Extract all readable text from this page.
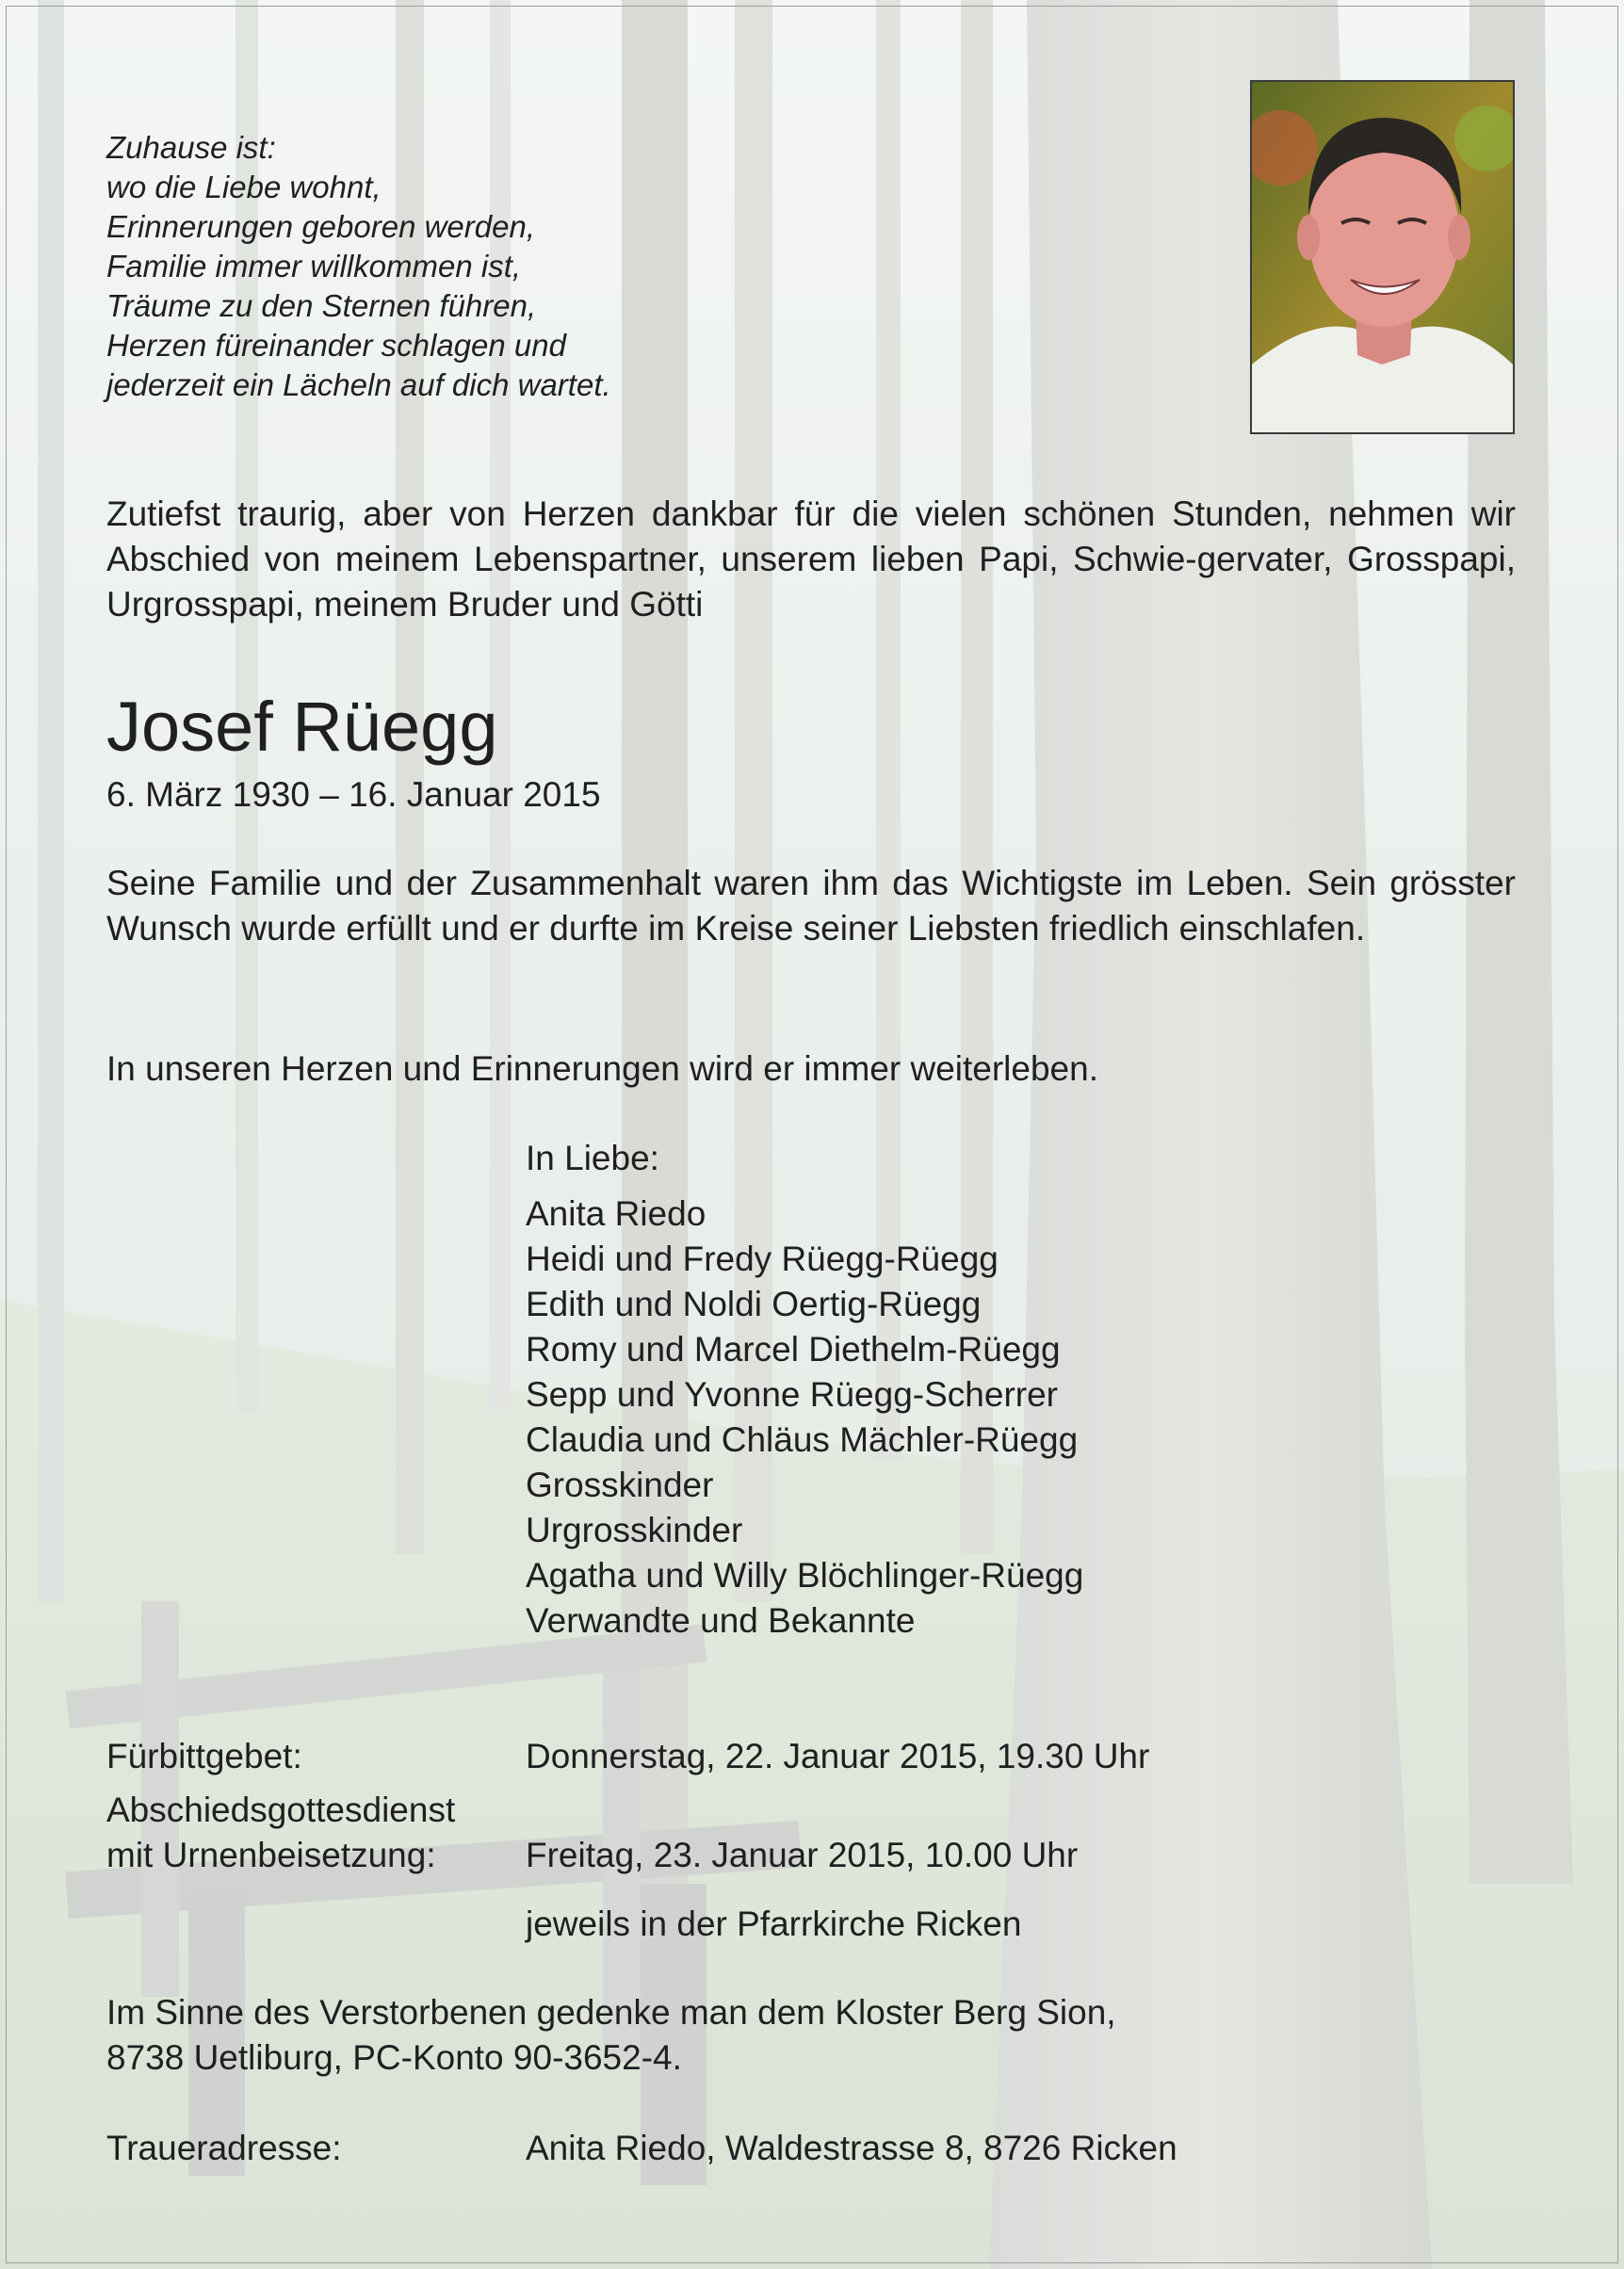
Zuhause ist:
wo die Liebe wohnt,
Erinnerungen geboren werden,
Familie immer willkommen ist,
Träume zu den Sternen führen,
Herzen füreinander schlagen und
jederzeit ein Lächeln auf dich wartet.
Zutiefst traurig, aber von Herzen dankbar für die vielen schönen Stunden, nehmen wir Abschied von meinem Lebenspartner, unserem lieben Papi, Schwie-gervater, Grosspapi, Urgrosspapi, meinem Bruder und Götti
Josef Rüegg
6. März 1930 – 16. Januar 2015
Seine Familie und der Zusammenhalt waren ihm das Wichtigste im Leben. Sein grösster Wunsch wurde erfüllt und er durfte im Kreise seiner Liebsten friedlich einschlafen.
In unseren Herzen und Erinnerungen wird er immer weiterleben.
In Liebe:
Anita Riedo
Heidi und Fredy Rüegg-Rüegg
Edith und Noldi Oertig-Rüegg
Romy und Marcel Diethelm-Rüegg
Sepp und Yvonne Rüegg-Scherrer
Claudia und Chläus Mächler-Rüegg
Grosskinder
Urgrosskinder
Agatha und Willy Blöchlinger-Rüegg
Verwandte und Bekannte
Fürbittgebet:	Donnerstag, 22. Januar 2015, 19.30 Uhr
Abschiedsgottesdienst
mit Urnenbeisetzung:	Freitag, 23. Januar 2015, 10.00 Uhr
jeweils in der Pfarrkirche Ricken
Im Sinne des Verstorbenen gedenke man dem Kloster Berg Sion,
8738 Uetliburg, PC-Konto 90-3652-4.
Traueradresse:	Anita Riedo, Waldestrasse 8, 8726 Ricken
